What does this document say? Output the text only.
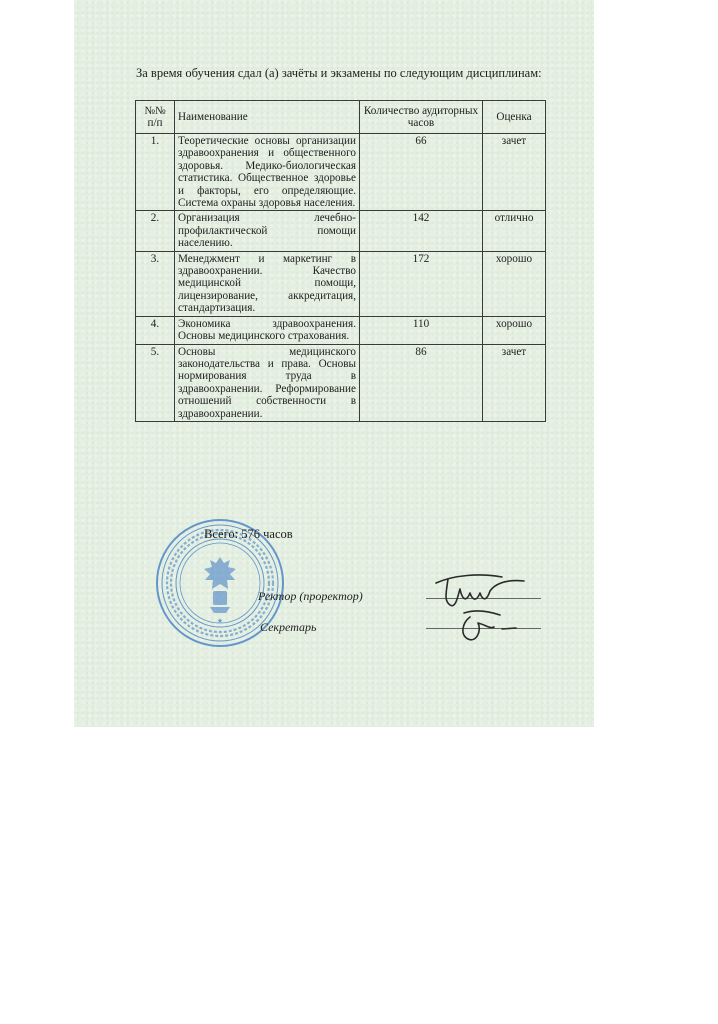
За время обучения сдал (а) зачёты и экзамены по следующим дисциплинам:
№№ п/п	Наименование	Количество аудиторных часов	Оценка
1.	Теоретические основы организации здравоохранения и общественного здоровья. Медико-биологическая статистика. Общественное здоровье и факторы, его определяющие. Система охраны здоровья населения.	66	зачет
2.	Организация лечебно-профилактической помощи населению.	142	отлично
3.	Менеджмент и маркетинг в здравоохранении. Качество медицинской помощи, лицензирование, аккредитация, стандартизация.	172	хорошо
4.	Экономика здравоохранения. Основы медицинского страхования.	110	хорошо
5.	Основы медицинского законодательства и права. Основы нормирования труда в здравоохранении. Реформирование отношений собственности в здравоохранении.	86	зачет
★
Всего: 576 часов
Ректор (проректор)
Секретарь
